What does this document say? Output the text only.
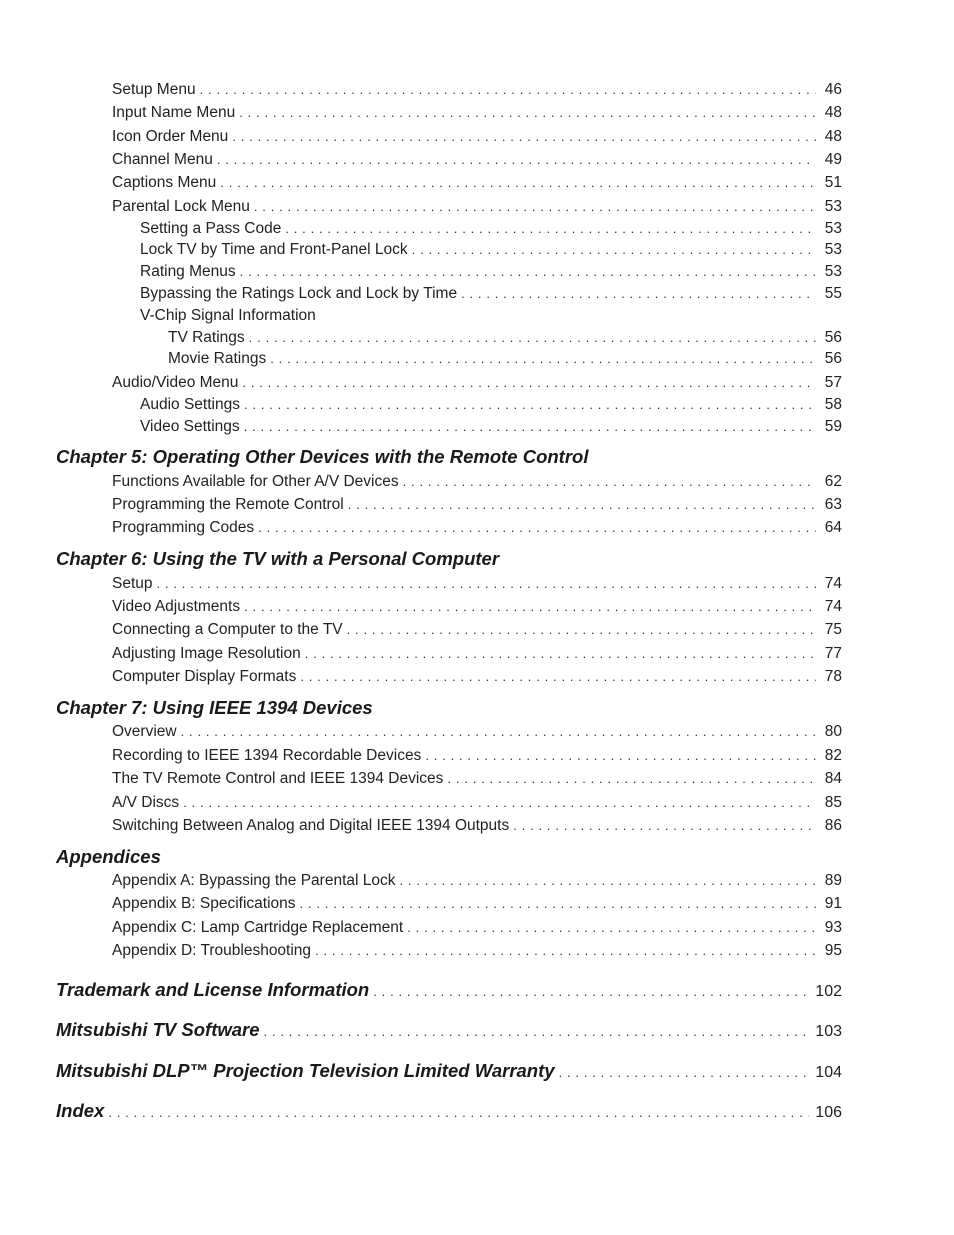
Setup Menu . . .	46
Input Name Menu . . .	48
Icon Order Menu . . .	48
Channel Menu . . .	49
Captions Menu . . .	51
Parental Lock Menu . . .	53
Setting a Pass Code . . .	53
Lock TV by Time and Front-Panel Lock . . .	53
Rating Menus . . .	53
Bypassing the Ratings Lock and Lock by Time . . .	55
V-Chip Signal Information
TV Ratings . . .	56
Movie Ratings . . .	56
Audio/Video Menu . . .	57
Audio Settings . . .	58
Video Settings . . .	59
Chapter 5: Operating Other Devices with the Remote Control
Functions Available for Other A/V Devices . . .	62
Programming the Remote Control . . .	63
Programming Codes . . .	64
Chapter 6: Using the TV with a Personal Computer
Setup . . .	74
Video Adjustments . . .	74
Connecting a Computer to the TV . . .	75
Adjusting Image Resolution . . .	77
Computer Display Formats . . .	78
Chapter 7: Using IEEE 1394 Devices
Overview . . .	80
Recording to IEEE 1394 Recordable Devices . . .	82
The TV Remote Control and IEEE 1394 Devices . . .	84
A/V Discs . . .	85
Switching Between Analog and Digital IEEE 1394 Outputs . . .	86
Appendices
Appendix A: Bypassing the Parental Lock . . .	89
Appendix B: Specifications . . .	91
Appendix C: Lamp Cartridge Replacement . . .	93
Appendix D: Troubleshooting . . .	95
Trademark and License Information . . .	102
Mitsubishi TV Software . . .	103
Mitsubishi DLP™ Projection Television Limited Warranty . . .	104
Index . . .	106
